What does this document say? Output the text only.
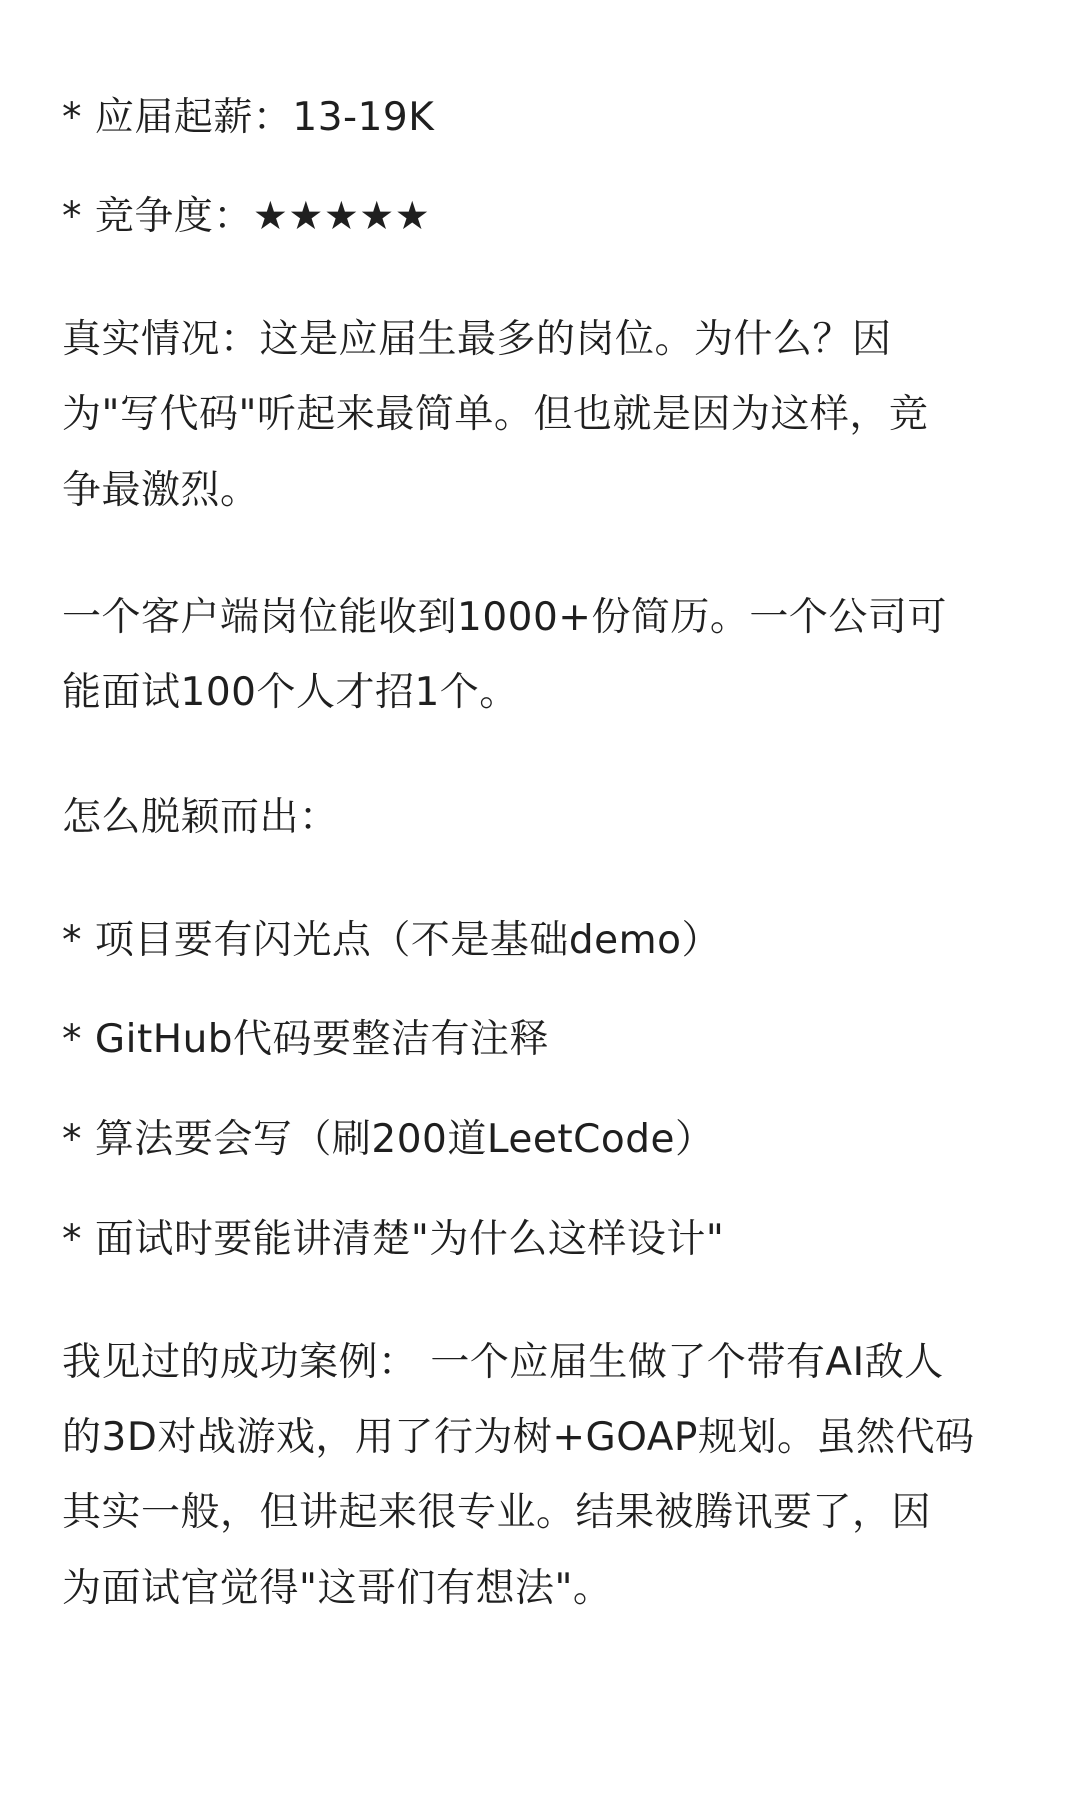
* 应届起薪：13-19K
* 竞争度：★★★★★
真实情况：这是应届生最多的岗位。为什么？因
为"写代码"听起来最简单。但也就是因为这样，竞
争最激烈。
一个客户端岗位能收到1000+份简历。一个公司可
能面试100个人才招1个。
怎么脱颖而出：
* 项目要有闪光点（不是基础demo）
* GitHub代码要整洁有注释
* 算法要会写（刷200道LeetCode）
* 面试时要能讲清楚"为什么这样设计"
我见过的成功案例： 一个应届生做了个带有AI敌人
的3D对战游戏，用了行为树+GOAP规划。虽然代码
其实一般，但讲起来很专业。结果被腾讯要了，因
为面试官觉得"这哥们有想法"。
